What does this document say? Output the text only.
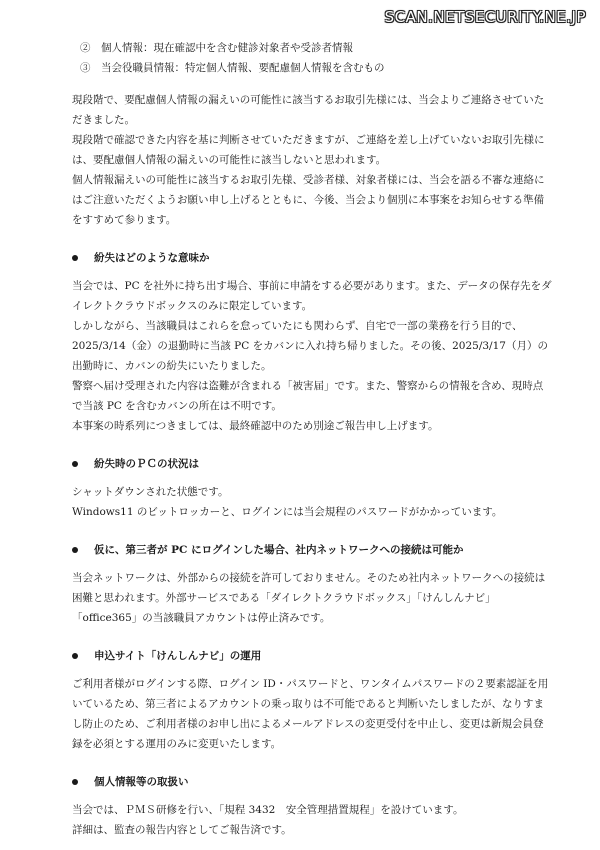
SCAN.NETSECURITY.NE.JP

②　個人情報：現在確認中を含む健診対象者や受診者情報

③　当会役職員情報：特定個人情報、要配慮個人情報を含むもの

現段階で、要配慮個人情報の漏えいの可能性に該当するお取引先様には、当会よりご連絡させていただきました。

現段階で確認できた内容を基に判断させていただきますが、ご連絡を差し上げていないお取引先様には、要配慮個人情報の漏えいの可能性に該当しないと思われます。

個人情報漏えいの可能性に該当するお取引先様、受診者様、対象者様には、当会を語る不審な連絡にはご注意いただくようお願い申し上げるとともに、今後、当会より個別に本事案をお知らせする準備をすすめて参ります。

紛失はどのような意味か

当会では、PC を社外に持ち出す場合、事前に申請をする必要があります。また、データの保存先をダイレクトクラウドボックスのみに限定しています。

しかしながら、当該職員はこれらを怠っていたにも関わらず、自宅で一部の業務を行う目的で、2025/3/14（金）の退勤時に当該 PC をカバンに入れ持ち帰りました。その後、2025/3/17（月）の出勤時に、カバンの紛失にいたりました。

警察へ届け受理された内容は盗難が含まれる「被害届」です。また、警察からの情報を含め、現時点で当該 PC を含むカバンの所在は不明です。

本事案の時系列につきましては、最終確認中のため別途ご報告申し上げます。

紛失時のＰＣの状況は

シャットダウンされた状態です。

Windows11 のビットロッカーと、ログインには当会規程のパスワードがかかっています。

仮に、第三者が PC にログインした場合、社内ネットワークへの接続は可能か

当会ネットワークは、外部からの接続を許可しておりません。そのため社内ネットワークへの接続は困難と思われます。外部サービスである「ダイレクトクラウドボックス」「けんしんナビ」「office365」の当該職員アカウントは停止済みです。

申込サイト「けんしんナビ」の運用

ご利用者様がログインする際、ログイン ID・パスワードと、ワンタイムパスワードの２要素認証を用いているため、第三者によるアカウントの乗っ取りは不可能であると判断いたしましたが、なりすまし防止のため、ご利用者様のお申し出によるメールアドレスの変更受付を中止し、変更は新規会員登録を必須とする運用のみに変更いたします。

個人情報等の取扱い

当会では、ＰＭＳ研修を行い、「規程 3432　安全管理措置規程」を設けています。

詳細は、監査の報告内容としてご報告済です。
